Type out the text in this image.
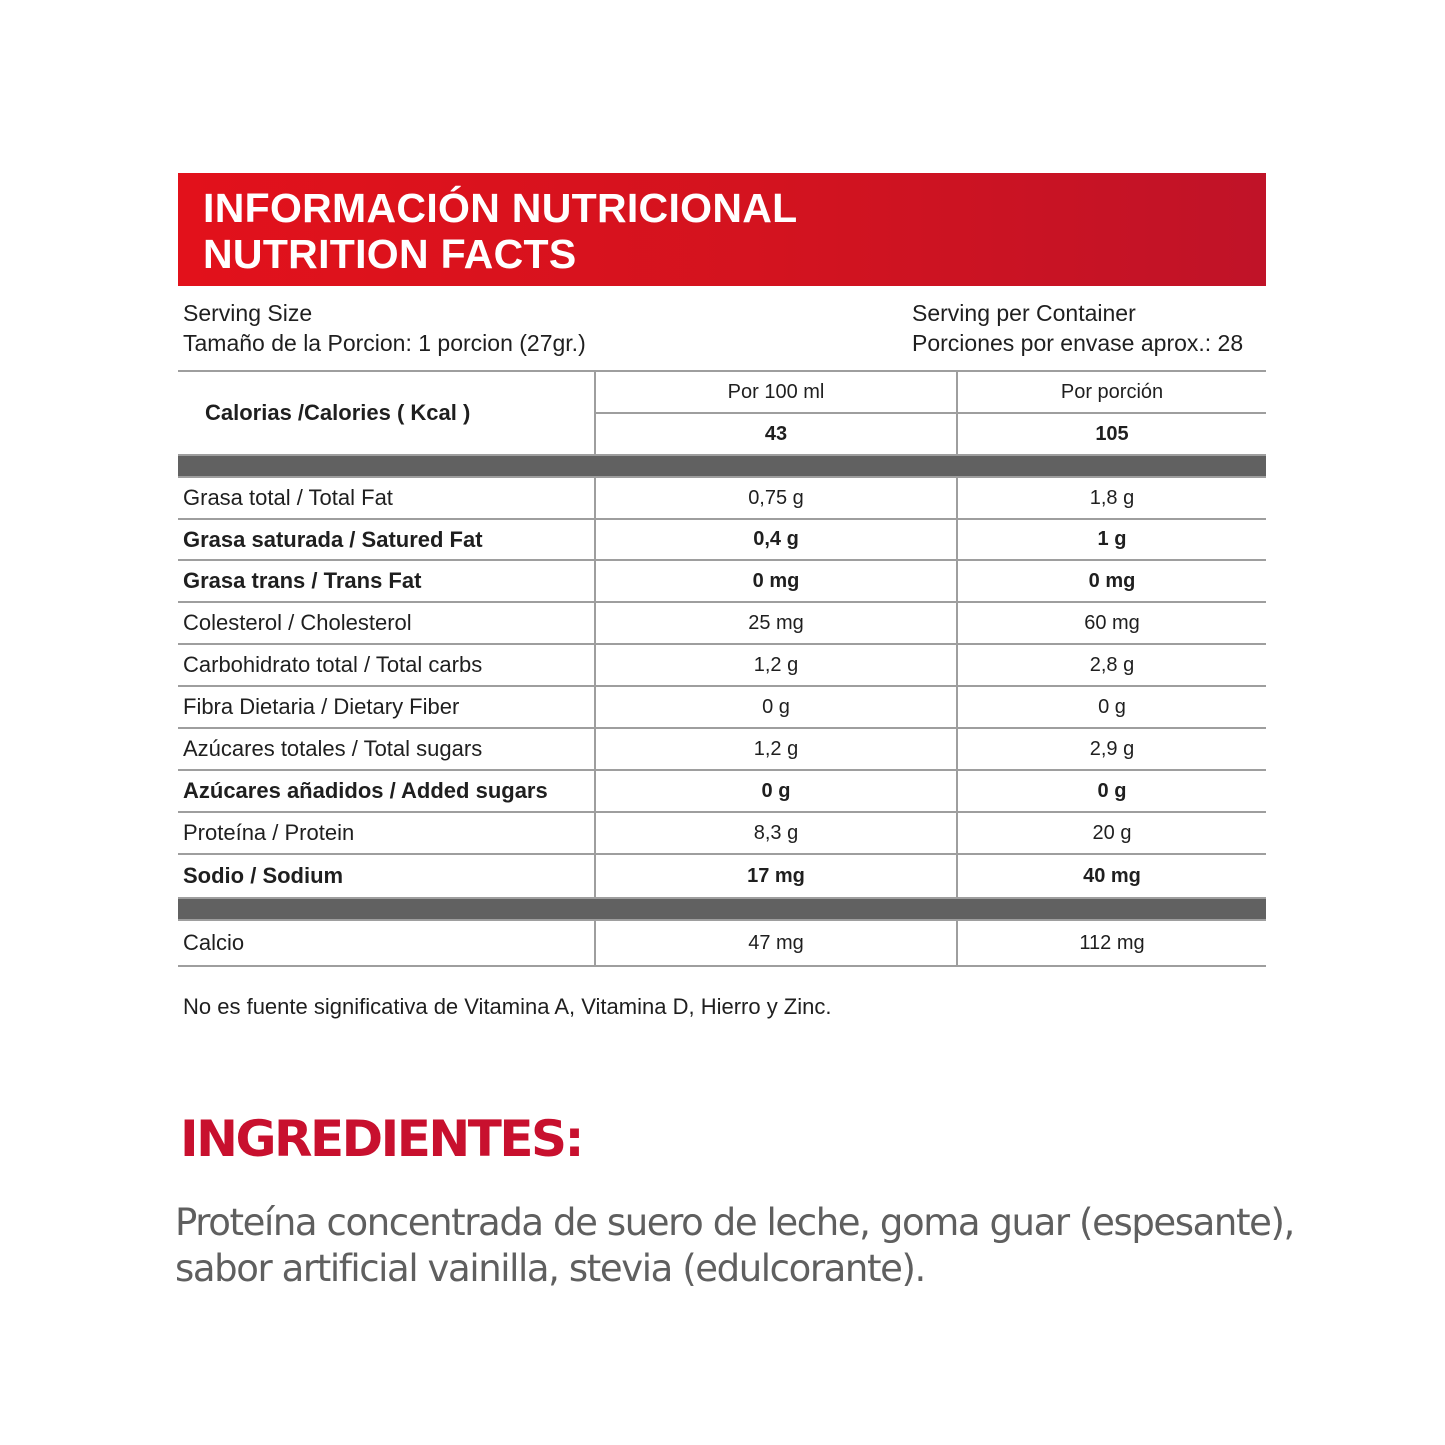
INFORMACIÓN NUTRICIONAL
NUTRITION FACTS
Serving Size
Tamaño de la Porcion: 1 porcion (27gr.)
Serving per Container
Porciones por envase aprox.: 28
Calorias /Calories ( Kcal )	Por 100 ml	Por porción
	43	105

Grasa total / Total Fat	0,75 g	1,8 g
Grasa saturada / Satured Fat	0,4 g	1 g
Grasa trans / Trans Fat	0 mg	0 mg
Colesterol / Cholesterol	25 mg	60 mg
Carbohidrato total / Total carbs	1,2 g	2,8 g
Fibra Dietaria / Dietary Fiber	0 g	0 g
Azúcares totales / Total sugars	1,2 g	2,9 g
Azúcares añadidos / Added sugars	0 g	0 g
Proteína / Protein	8,3 g	20 g
Sodio / Sodium	17 mg	40 mg

Calcio	47 mg	112 mg
No es fuente significativa de Vitamina A, Vitamina D, Hierro y Zinc.
INGREDIENTES:
Proteína concentrada de suero de leche, goma guar (espesante), sabor artificial vainilla, stevia (edulcorante).
